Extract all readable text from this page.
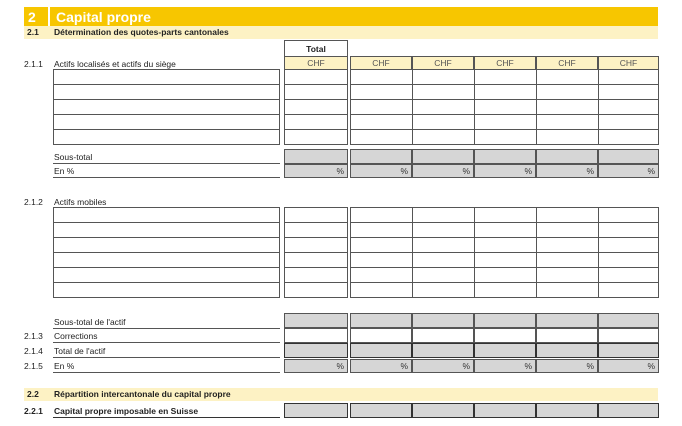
2 Capital propre
2.1 Détermination des quotes-parts cantonales
Total
CHF	CHF	CHF	CHF	CHF	CHF
2.1.1 Actifs localisés et actifs du siège
Sous-total
En %	%	%	%	%	%	%
2.1.2 Actifs mobiles
Sous-total de l'actif
2.1.3 Corrections
2.1.4 Total de l'actif
2.1.5 En %	%	%	%	%	%	%
2.2 Répartition intercantonale du capital propre
2.2.1 Capital propre imposable en Suisse
